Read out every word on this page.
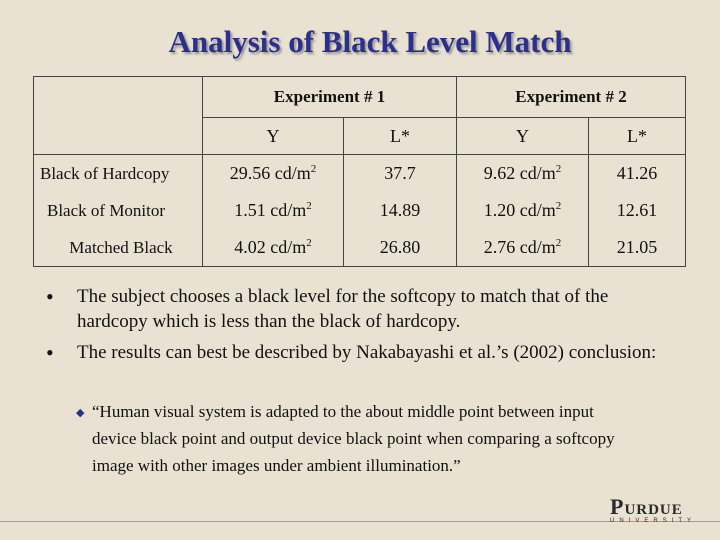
Analysis of Black Level Match
	Experiment # 1		Experiment # 2	
	Y	L*	Y	L*
Black of Hardcopy	29.56 $cd/m^2$	37.7	9.62 $cd/m^2$	41.26
Black of Monitor	1.51 $cd/m^2$	14.89	1.20 $cd/m^2$	12.61
Matched Black	4.02 $cd/m^2$	26.80	2.76 $cd/m^2$	21.05
• The subject chooses a black level for the softcopy to match that of the hardcopy which is less than the black of hardcopy.
• The results can best be described by Nakabayashi et al.’s (2002) conclusion:
◆ “Human visual system is adapted to the about middle point between input device black point and output device black point when comparing a softcopy image with other images under ambient illumination.”
Purdue
UNIVERSITY
